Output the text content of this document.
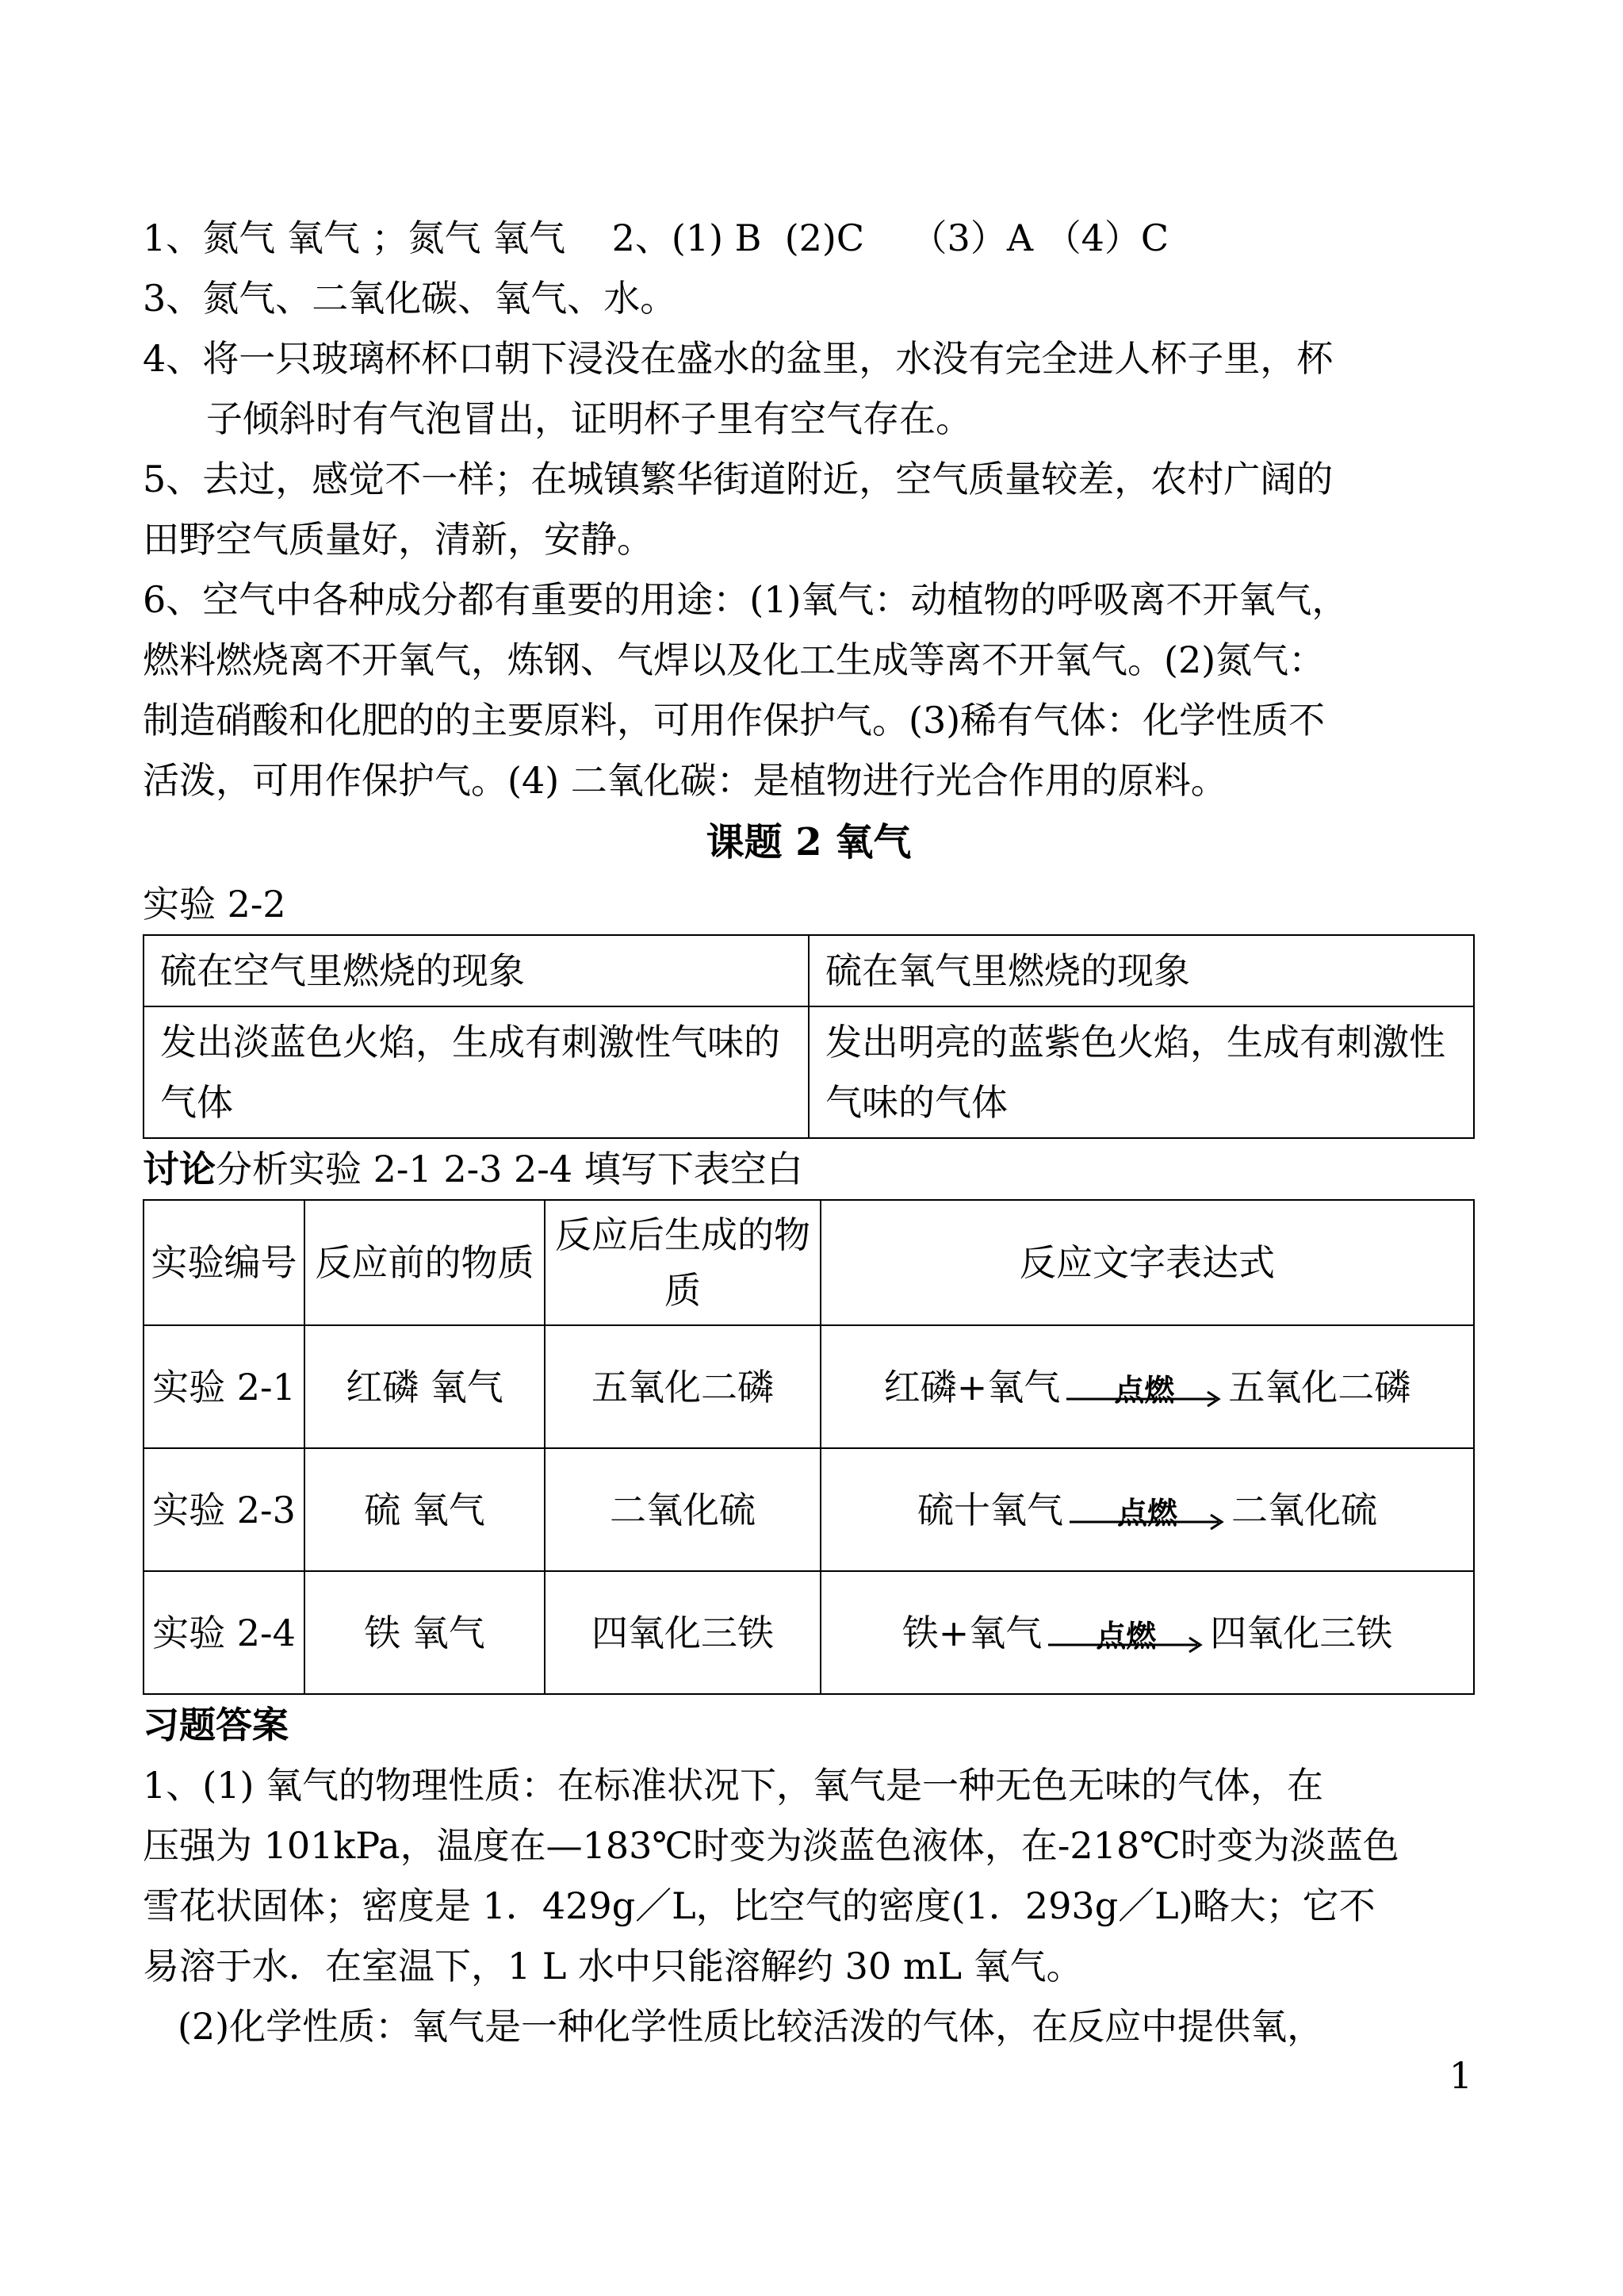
1、氮气 氧气 ；氮气 氧气    2、(1) B  (2)C    （3）A （4）C
3、氮气、二氧化碳、氧气、水。
4、将一只玻璃杯杯口朝下浸没在盛水的盆里，水没有完全进人杯子里，杯
子倾斜时有气泡冒出，证明杯子里有空气存在。
5、去过，感觉不一样；在城镇繁华街道附近，空气质量较差，农村广阔的
田野空气质量好，清新，安静。
6、空气中各种成分都有重要的用途：(1)氧气：动植物的呼吸离不开氧气，
燃料燃烧离不开氧气，炼钢、气焊以及化工生成等离不开氧气。(2)氮气：
制造硝酸和化肥的的主要原料，可用作保护气。(3)稀有气体：化学性质不
活泼，可用作保护气。(4) 二氧化碳：是植物进行光合作用的原料。
课题 2 氧气
实验 2-2
硫在空气里燃烧的现象	硫在氧气里燃烧的现象
发出淡蓝色火焰，生成有刺激性气味的气体	发出明亮的蓝紫色火焰，生成有刺激性气味的气体
讨论分析实验 2-1 2-3 2-4 填写下表空白
实验编号	反应前的物质	反应后生成的物质	反应文字表达式
实验 2-1	红磷 氧气	五氧化二磷	红磷+氧气 点燃 五氧化二磷

实验 2-3	硫 氧气	二氧化硫	硫十氧气 点燃 二氧化硫

实验 2-4	铁 氧气	四氧化三铁	铁+氧气 点燃 四氧化三铁
习题答案
1、(1) 氧气的物理性质：在标准状况下，氧气是一种无色无味的气体，在
压强为 101kPa，温度在—183℃时变为淡蓝色液体，在-218℃时变为淡蓝色
雪花状固体；密度是 1．429g／L，比空气的密度(1．293g／L)略大；它不
易溶于水．在室温下，1 L 水中只能溶解约 30 mL 氧气。
(2)化学性质：氧气是一种化学性质比较活泼的气体，在反应中提供氧，
1
